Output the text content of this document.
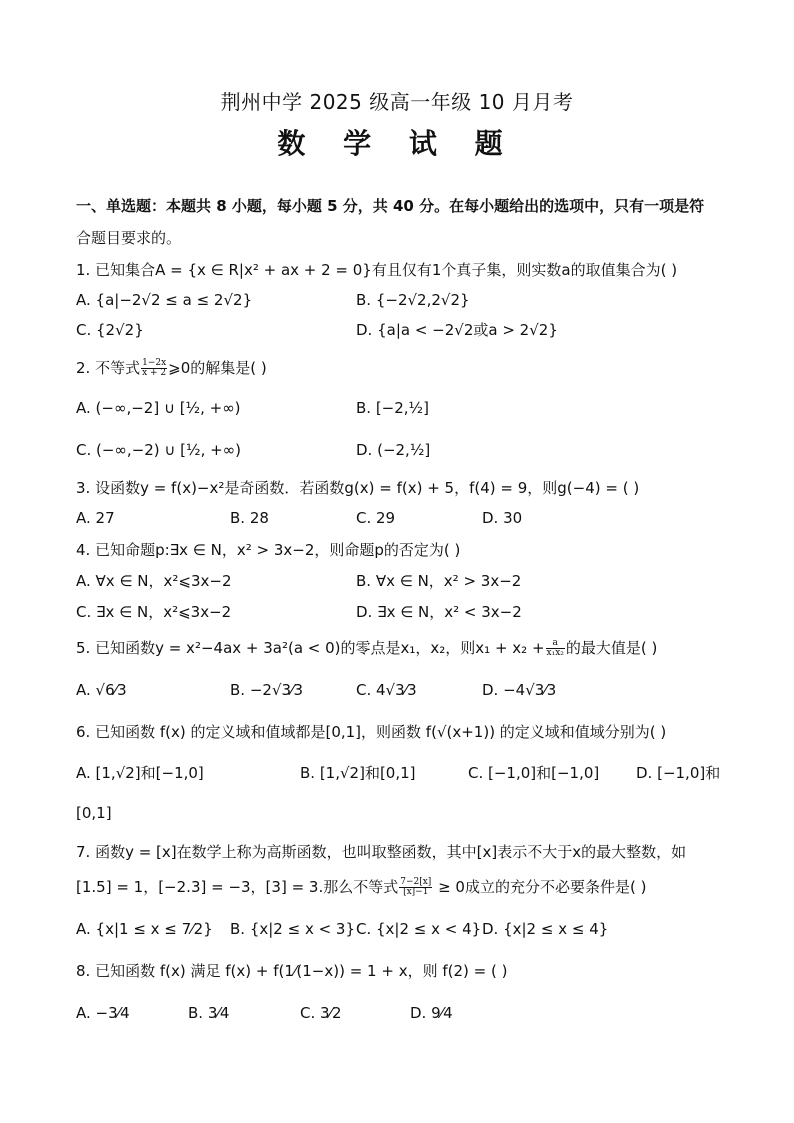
荆州中学 2025 级高一年级 10 月月考
数 学 试 题
一、单选题：本题共 8 小题，每小题 5 分，共 40 分。在每小题给出的选项中，只有一项是符
合题目要求的。
1. 已知集合A = {x ∈ R|x² + ax + 2 = 0}有且仅有1个真子集，则实数a的取值集合为( )
A. {a|−2√2 ≤ a ≤ 2√2}	B. {−2√2,2√2}
C. {2√2}	D. {a|a < −2√2或a > 2√2}
2. 不等式 $\frac{1-2x}{x + 2}$ ⩾0的解集是( )
A. (−∞,−2] ∪ [½, +∞)	B. [−2,½]
C. (−∞,−2) ∪ [½, +∞)	D. (−2,½]
3. 设函数y = f(x)−x²是奇函数．若函数g(x) = f(x) + 5，f(4) = 9，则g(−4) = ( )
A. 27	B. 28	C. 29	D. 30
4. 已知命题p:∃x ∈ N，x² > 3x−2，则命题p的否定为( )
A. ∀x ∈ N，x²⩽3x−2	B. ∀x ∈ N，x² > 3x−2
C. ∃x ∈ N，x²⩽3x−2	D. ∃x ∈ N，x² < 3x−2
5. 已知函数y = x²−4ax + 3a²(a < 0)的零点是x₁，x₂，则$x_1 + x_2 + \frac{a}{\text{x₁x₂}}$ 的最大值是( )
A. √6⁄3	B. −2√3⁄3	C. 4√3⁄3	D. −4√3⁄3
6. 已知函数 f(x) 的定义域和值域都是[0,1]，则函数 f(√(x+1)) 的定义域和值域分别为( )
A. [1,√2]和[−1,0]	B. [1,√2]和[0,1]	C. [−1,0]和[−1,0] D. [−1,0]和
[0,1]
7. 函数y = [x]在数学上称为高斯函数，也叫取整函数，其中[x]表示不大于x的最大整数，如
[1.5] = 1，[−2.3] = −3，[3] = 3.那么不等式 $\frac{7-2[x]}{[x]-1} \ge 0$成立的充分不必要条件是( )
A. {x|1 ≤ x ≤ 7⁄2} B. {x|2 ≤ x < 3} C. {x|2 ≤ x < 4} D. {x|2 ≤ x ≤ 4}
8. 已知函数 f(x) 满足 f(x) + f(1⁄(1−x)) = 1 + x，则 f(2) = ( )
A. −3⁄4	B. 3⁄4	C. 3⁄2	D. 9⁄4
